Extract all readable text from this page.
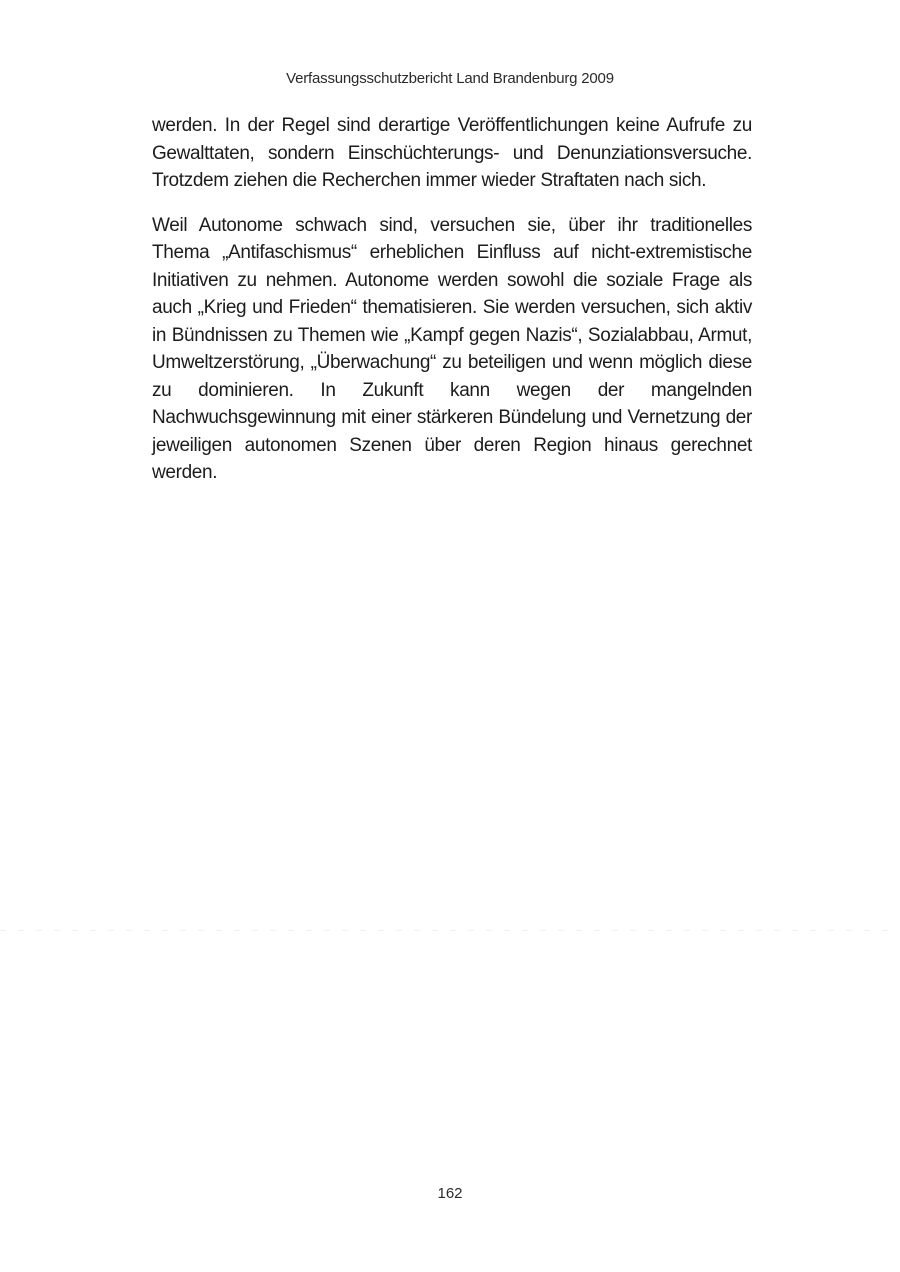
Verfassungsschutzbericht Land Brandenburg 2009

werden. In der Regel sind derartige Veröffentlichungen keine Aufrufe zu Gewalttaten, sondern Einschüchterungs- und Denunziationsversuche. Trotzdem ziehen die Recherchen immer wieder Straftaten nach sich.

Weil Autonome schwach sind, versuchen sie, über ihr traditionelles Thema „Antifaschismus“ erheblichen Einfluss auf nicht-extremistische Initiativen zu nehmen. Autonome werden sowohl die soziale Frage als auch „Krieg und Frieden“ thematisieren. Sie werden versuchen, sich aktiv in Bündnissen zu Themen wie „Kampf gegen Nazis“, Sozialabbau, Armut, Umweltzerstörung, „Überwachung“ zu beteiligen und wenn möglich diese zu dominieren. In Zukunft kann wegen der mangelnden Nachwuchsgewinnung mit einer stärkeren Bündelung und Vernetzung der jeweiligen autonomen Szenen über deren Region hinaus gerechnet werden.

162
